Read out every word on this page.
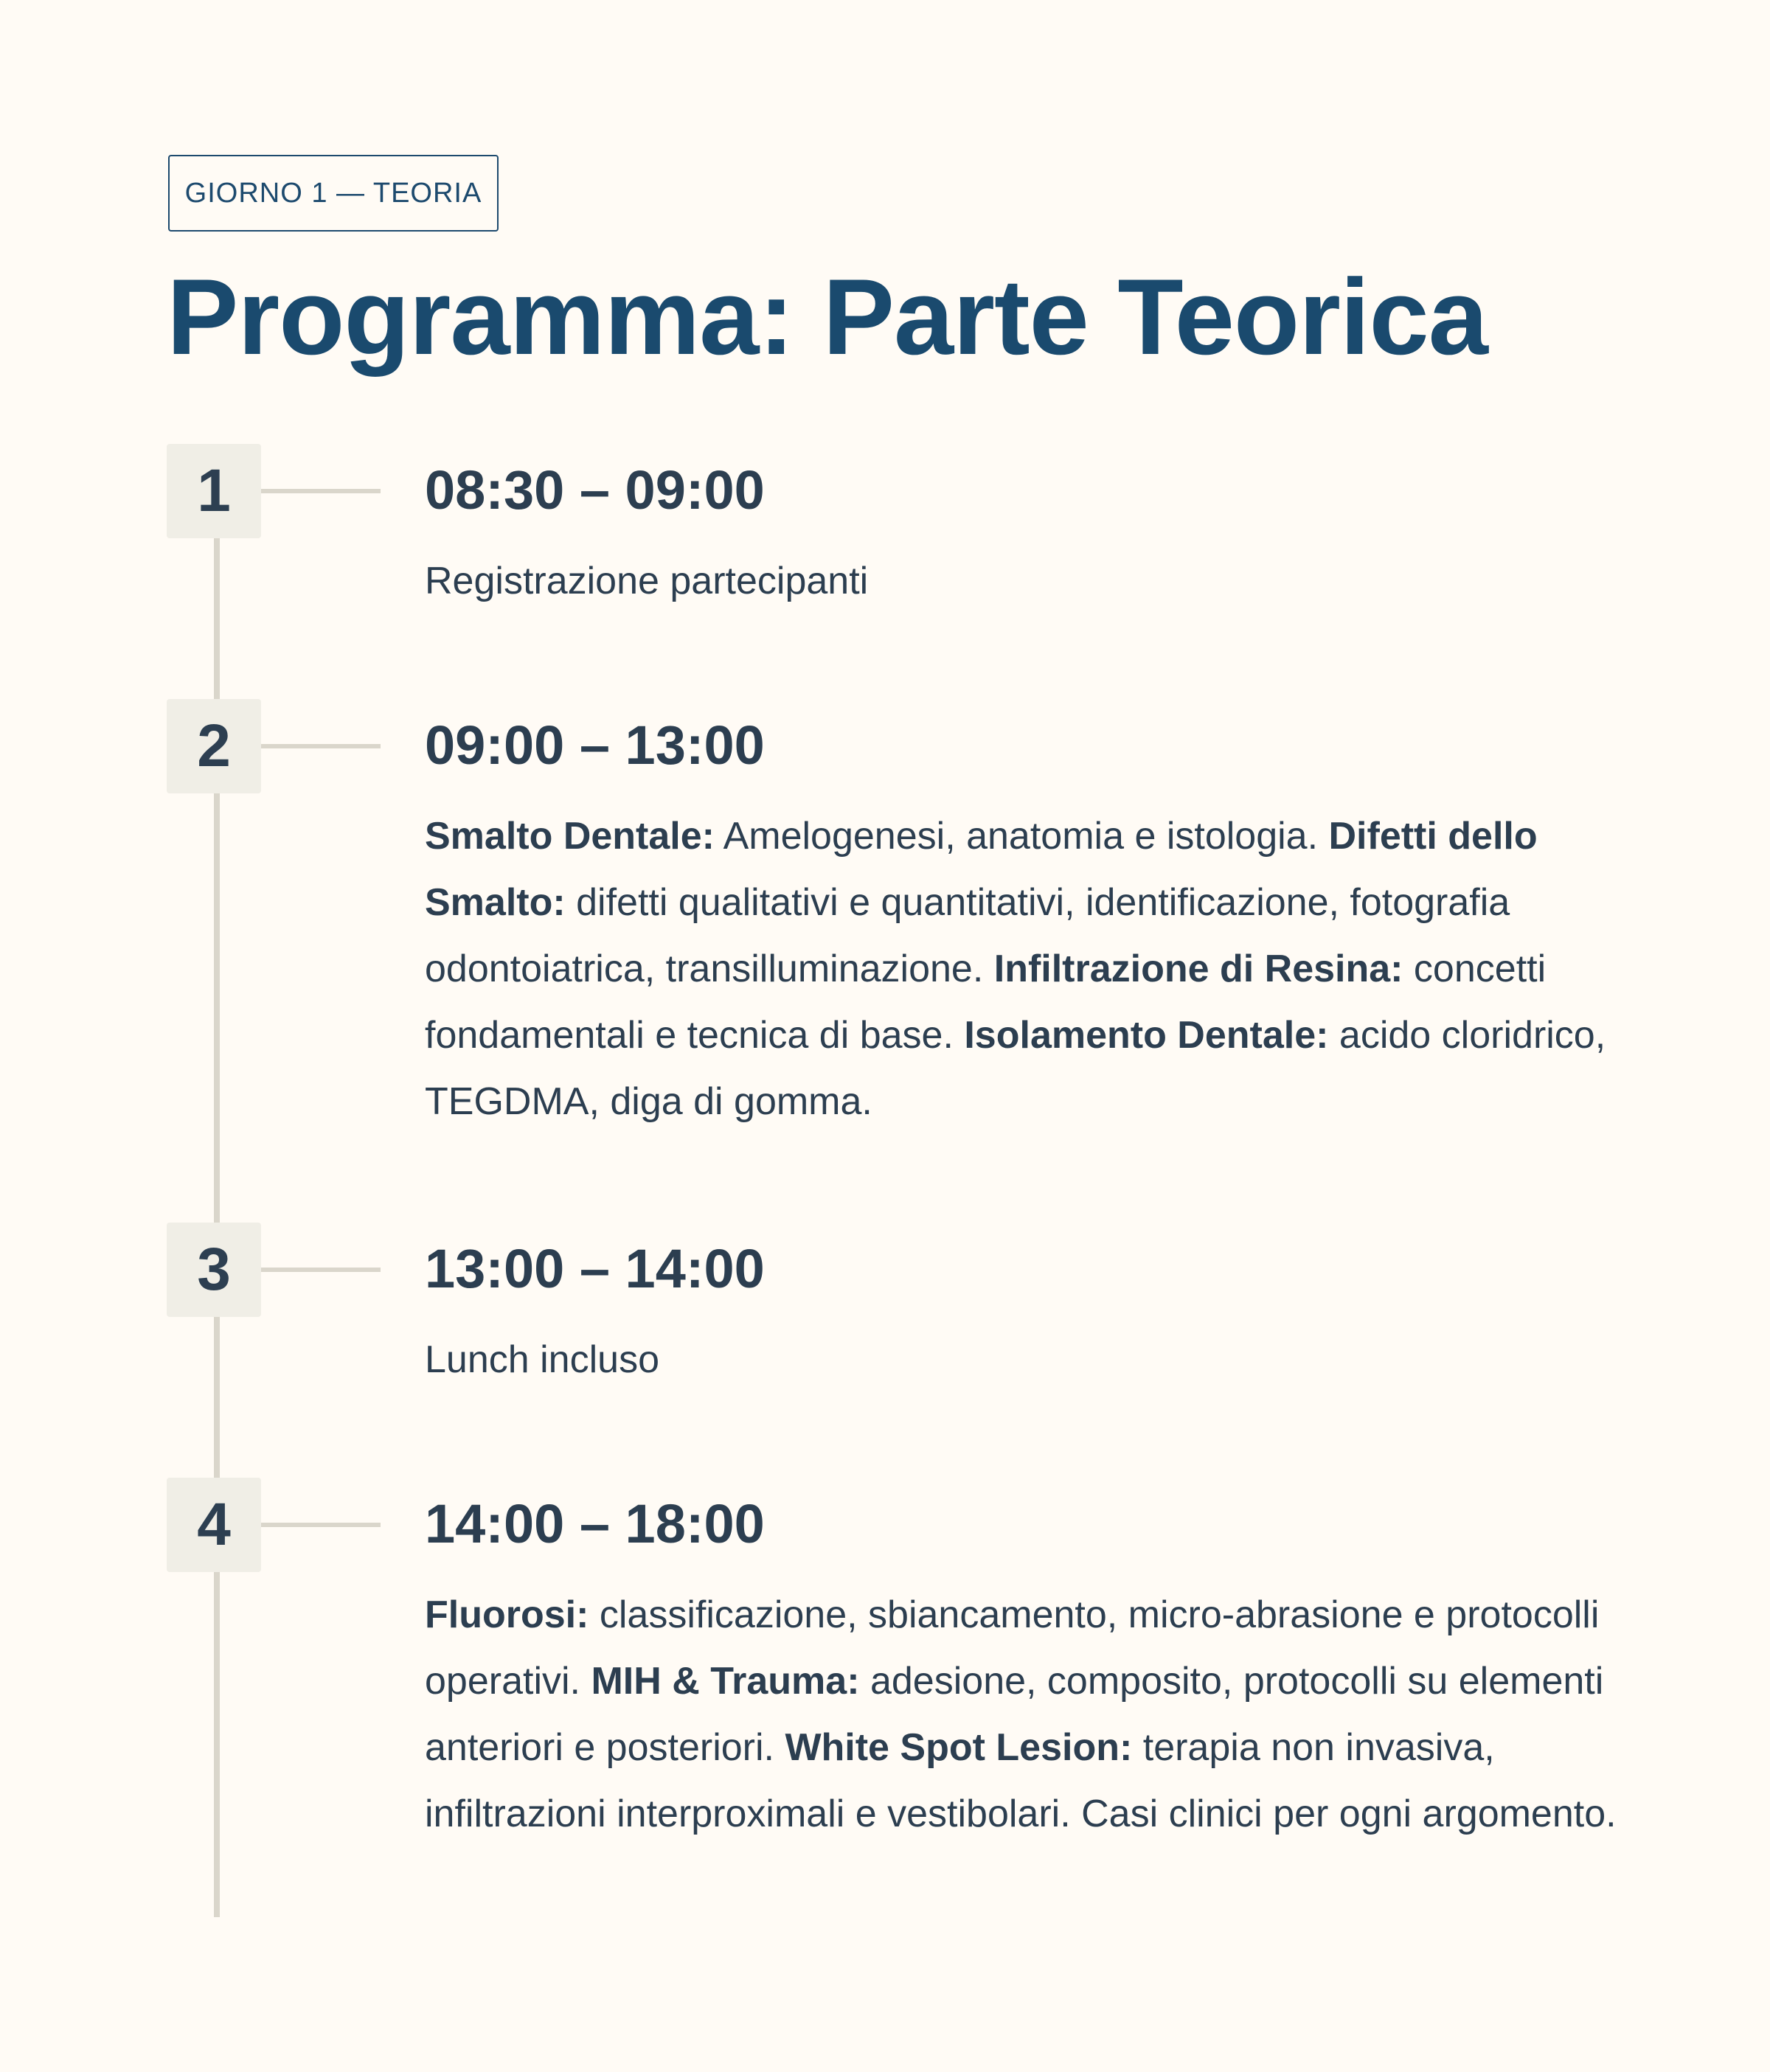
GIORNO 1 — TEORIA
Programma: Parte Teorica
1	08:30 – 09:00

Registrazione partecipanti

2	09:00 – 13:00

Smalto Dentale: Amelogenesi, anatomia e istologia. Difetti dello Smalto: difetti qualitativi e quantitativi, identificazione, fotografia odontoiatrica, transilluminazione. Infiltrazione di Resina: concetti fondamentali e tecnica di base. Isolamento Dentale: acido cloridrico, TEGDMA, diga di gomma.

3	13:00 – 14:00

Lunch incluso

4	14:00 – 18:00

Fluorosi: classificazione, sbiancamento, micro-abrasione e protocolli operativi. MIH & Trauma: adesione, composito, protocolli su elementi anteriori e posteriori. White Spot Lesion: terapia non invasiva, infiltrazioni interproximali e vestibolari. Casi clinici per ogni argomento.
